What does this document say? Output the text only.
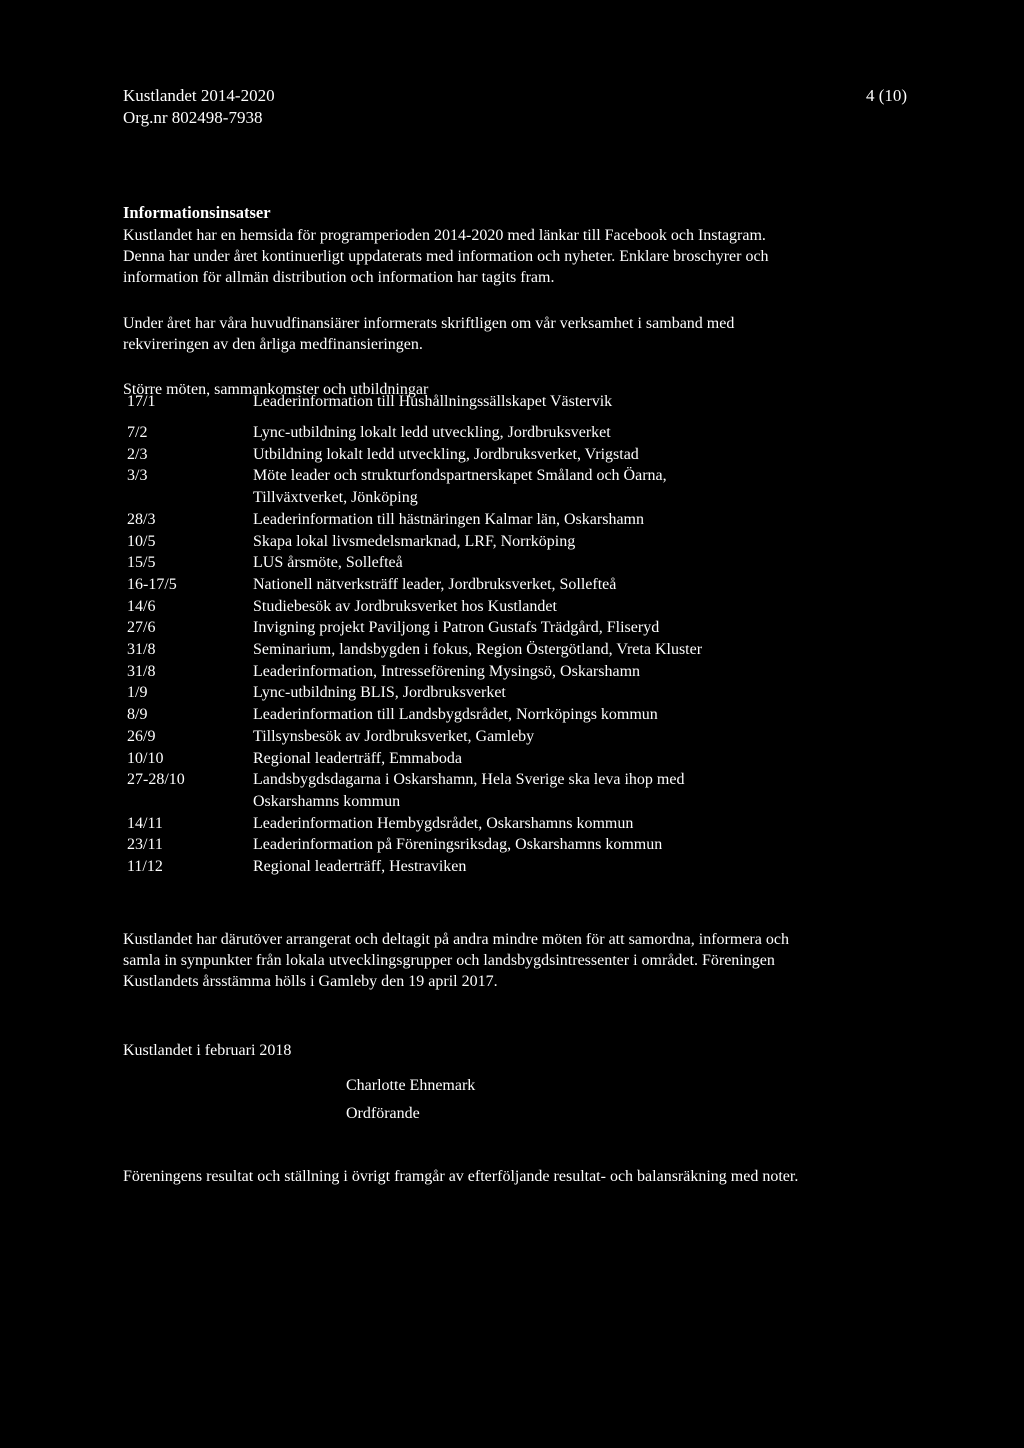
Kustlandet 2014-2020
Org.nr 802498-7938
4 (10)
Informationsinsatser
Kustlandet har en hemsida för programperioden 2014-2020 med länkar till Facebook och Instagram.
Denna har under året kontinuerligt uppdaterats med information och nyheter. Enklare broschyrer och
information för allmän distribution och information har tagits fram.
Under året har våra huvudfinansiärer informerats skriftligen om vår verksamhet i samband med
rekvireringen av den årliga medfinansieringen.
Större möten, sammankomster och utbildningar
17/1	Leaderinformation till Hushållningssällskapet Västervik
7/2	Lync-utbildning lokalt ledd utveckling, Jordbruksverket
2/3	Utbildning lokalt ledd utveckling, Jordbruksverket, Vrigstad
3/3	Möte leader och strukturfondspartnerskapet Småland och Öarna,
Tillväxtverket, Jönköping
28/3	Leaderinformation till hästnäringen Kalmar län, Oskarshamn
10/5	Skapa lokal livsmedelsmarknad, LRF, Norrköping
15/5	LUS årsmöte, Sollefteå
16-17/5	Nationell nätverksträff leader, Jordbruksverket, Sollefteå
14/6	Studiebesök av Jordbruksverket hos Kustlandet
27/6	Invigning projekt Paviljong i Patron Gustafs Trädgård, Fliseryd
31/8	Seminarium, landsbygden i fokus, Region Östergötland, Vreta Kluster
31/8	Leaderinformation, Intresseförening Mysingsö, Oskarshamn
1/9	Lync-utbildning BLIS, Jordbruksverket
8/9	Leaderinformation till Landsbygdsrådet, Norrköpings kommun
26/9	Tillsynsbesök av Jordbruksverket, Gamleby
10/10	Regional leaderträff, Emmaboda
27-28/10	Landsbygdsdagarna i Oskarshamn, Hela Sverige ska leva ihop med
Oskarshamns kommun
14/11	Leaderinformation Hembygdsrådet, Oskarshamns kommun
23/11	Leaderinformation på Föreningsriksdag, Oskarshamns kommun
11/12	Regional leaderträff, Hestraviken
Kustlandet har därutöver arrangerat och deltagit på andra mindre möten för att samordna, informera och
samla in synpunkter från lokala utvecklingsgrupper och landsbygdsintressenter i området. Föreningen
Kustlandets årsstämma hölls i Gamleby den 19 april 2017.
Kustlandet i februari 2018
Charlotte Ehnemark
Ordförande
Föreningens resultat och ställning i övrigt framgår av efterföljande resultat- och balansräkning med noter.
